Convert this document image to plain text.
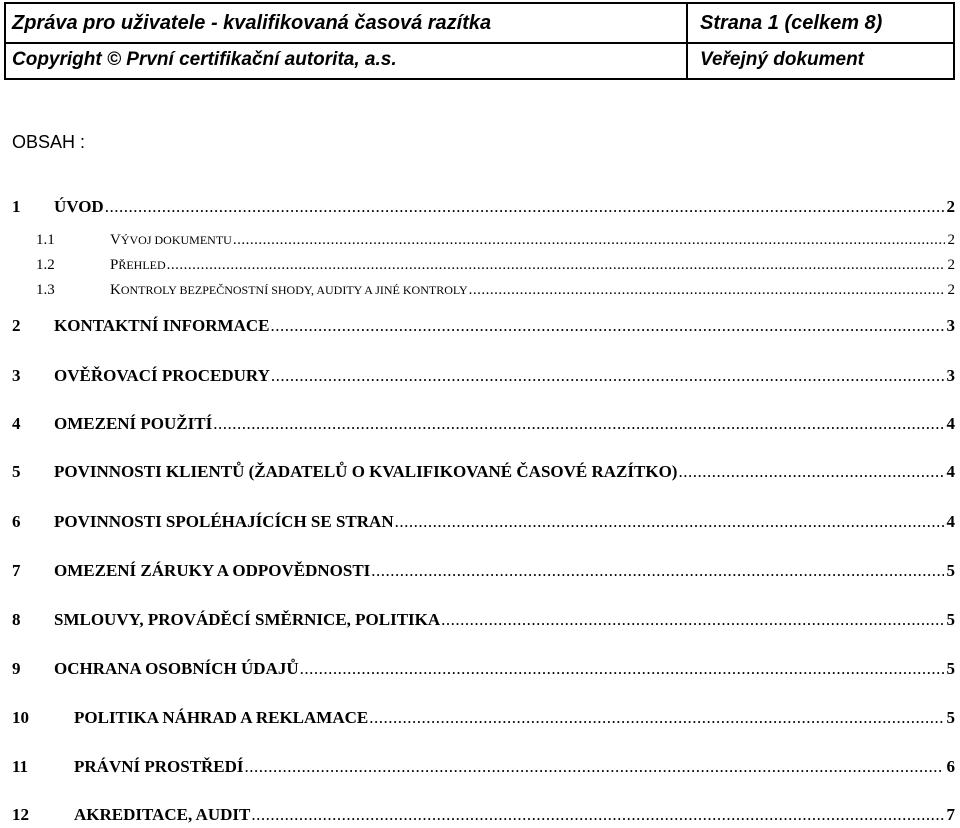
Zpráva pro uživatele - kvalifikovaná časová razítka	Strana 1 (celkem 8)
Copyright © První certifikační autorita, a.s.	Veřejný dokument
OBSAH :
1	ÚVOD .....	2
1.1	VÝVOJ DOKUMENTU .....	2
1.2	PŘEHLED .....	2
1.3	KONTROLY BEZPEČNOSTNÍ SHODY, AUDITY A JINÉ KONTROLY .....	2
2	KONTAKTNÍ INFORMACE .....	3
3	OVĚŘOVACÍ PROCEDURY .....	3
4	OMEZENÍ POUŽITÍ .....	4
5	POVINNOSTI KLIENTŮ (ŽADATELŮ O KVALIFIKOVANÉ ČASOVÉ RAZÍTKO) .....	4
6	POVINNOSTI SPOLÉHAJÍCÍCH SE STRAN .....	4
7	OMEZENÍ ZÁRUKY A ODPOVĚDNOSTI .....	5
8	SMLOUVY, PROVÁDĚCÍ SMĚRNICE, POLITIKA .....	5
9	OCHRANA OSOBNÍCH ÚDAJŮ .....	5
10	POLITIKA NÁHRAD A REKLAMACE .....	5
11	PRÁVNÍ PROSTŘEDÍ .....	6
12	AKREDITACE, AUDIT .....	7
